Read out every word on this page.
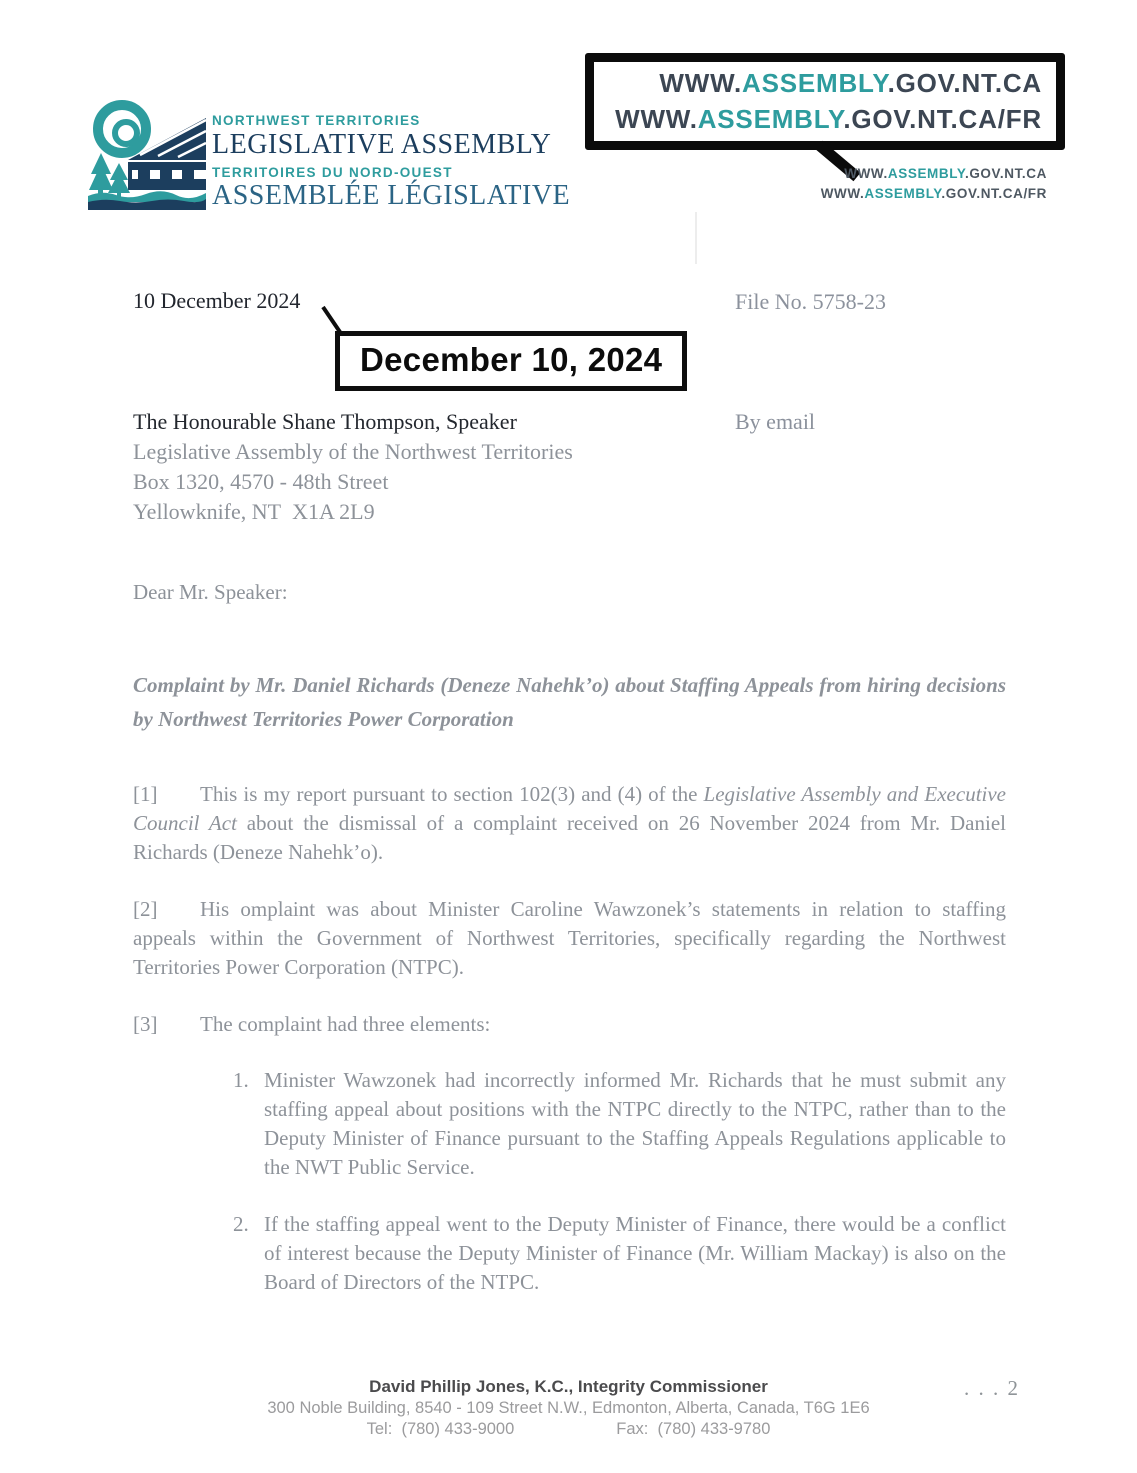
NORTHWEST TERRITORIES
LEGISLATIVE ASSEMBLY
TERRITOIRES DU NORD-OUEST
ASSEMBLÉE LÉGISLATIVE
WWW.ASSEMBLY.GOV.NT.CA
WWW.ASSEMBLY.GOV.NT.CA/FR
WWW.ASSEMBLY.GOV.NT.CA
WWW.ASSEMBLY.GOV.NT.CA/FR
10 December 2024	File No. 5758-23
December 10, 2024
The Honourable Shane Thompson, Speaker
Legislative Assembly of the Northwest Territories
Box 1320, 4570 - 48th Street
Yellowknife, NT  X1A 2L9
By email
Dear Mr. Speaker:
Complaint by Mr. Daniel Richards (Deneze Nahehk’o) about Staffing Appeals from hiring decisions by Northwest Territories Power Corporation

[1] This is my report pursuant to section 102(3) and (4) of the Legislative Assembly and Executive Council Act about the dismissal of a complaint received on 26 November 2024 from Mr. Daniel Richards (Deneze Nahehk’o).

[2] His omplaint was about Minister Caroline Wawzonek’s statements in relation to staffing appeals within the Government of Northwest Territories, specifically regarding the Northwest Territories Power Corporation (NTPC).

[3] The complaint had three elements:

1. Minister Wawzonek had incorrectly informed Mr. Richards that he must submit any staffing appeal about positions with the NTPC directly to the NTPC, rather than to the Deputy Minister of Finance pursuant to the Staffing Appeals Regulations applicable to the NWT Public Service.
2. If the staffing appeal went to the Deputy Minister of Finance, there would be a conflict of interest because the Deputy Minister of Finance (Mr. William Mackay) is also on the Board of Directors of the NTPC.
David Phillip Jones, K.C., Integrity Commissioner
300 Noble Building, 8540 - 109 Street N.W., Edmonton, Alberta, Canada, T6G 1E6
Tel:  (780) 433-9000	Fax:  (780) 433-9780
. . . 2
